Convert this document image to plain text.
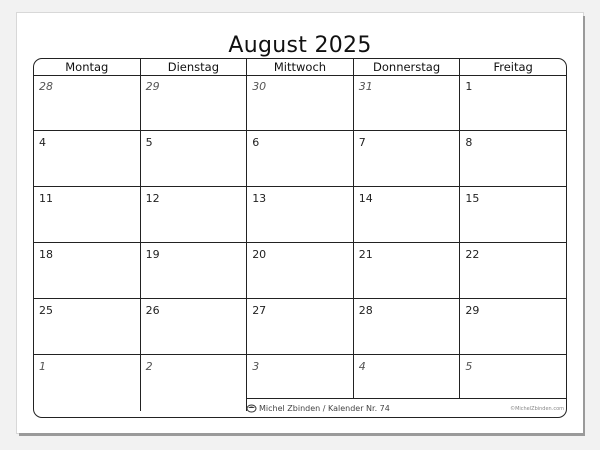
August 2025
Montag	Dienstag	Mittwoch	Donnerstag	Freitag
28	29	30	31	1
4	5	6	7	8
11	12	13	14	15
18	19	20	21	22
25	26	27	28	29
1	2	3	4	5
Michel Zbinden / Kalender Nr. 74	©MichelZbinden.com
